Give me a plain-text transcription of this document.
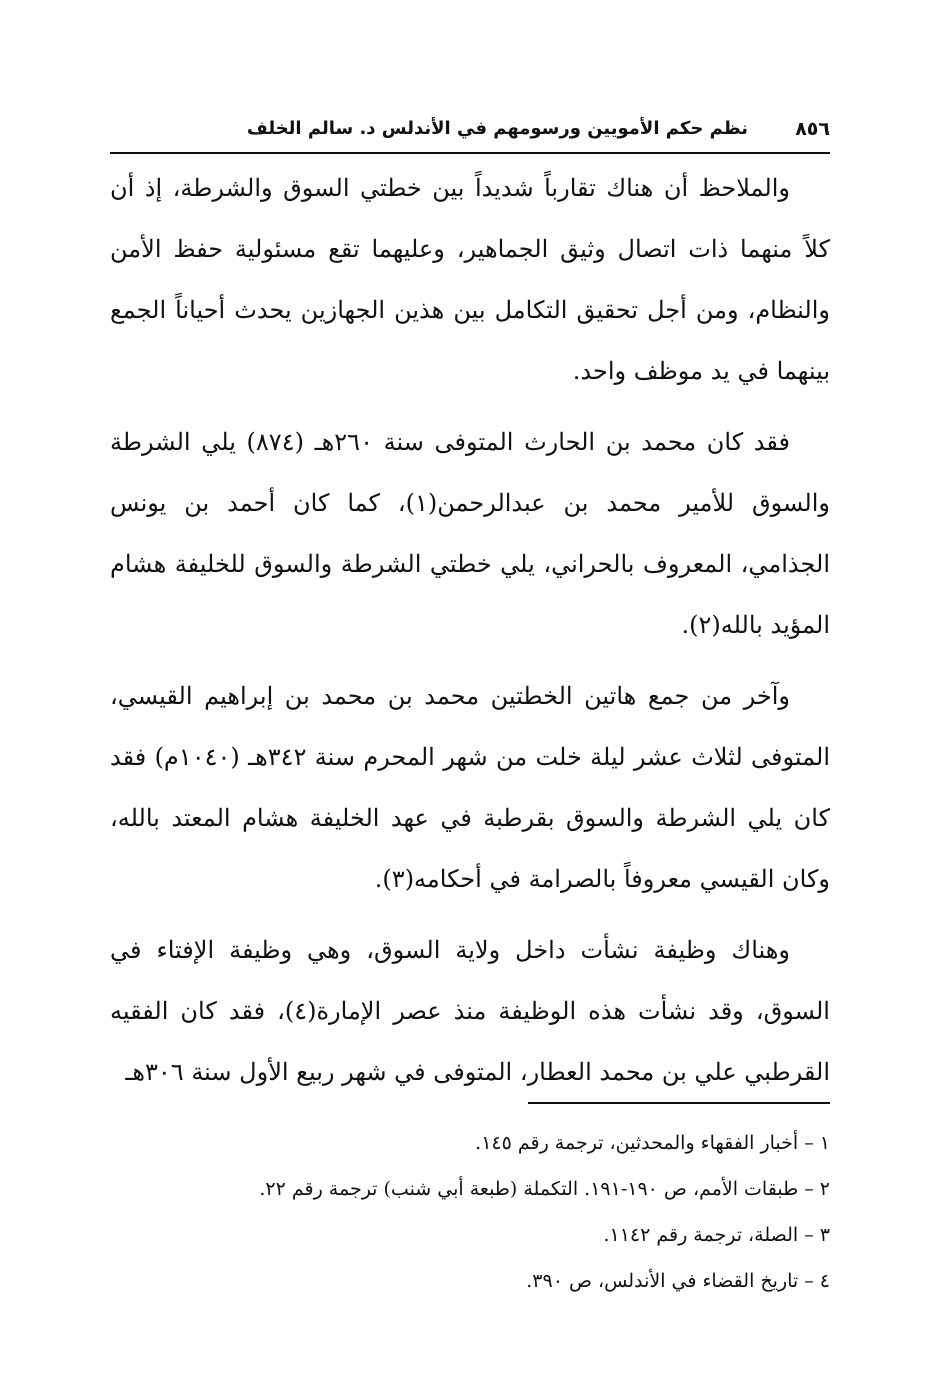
٨٥٦
نظم حكم الأمويين ورسومهم في الأندلس د. سالم الخلف

والملاحظ أن هناك تقارباً شديداً بين خطتي السوق والشرطة، إذ أن كلاً منهما ذات اتصال وثيق الجماهير، وعليهما تقع مسئولية حفظ الأمن والنظام، ومن أجل تحقيق التكامل بين هذين الجهازين يحدث أحياناً الجمع بينهما في يد موظف واحد.

فقد كان محمد بن الحارث المتوفى سنة ٢٦٠هـ (٨٧٤) يلي الشرطة والسوق للأمير محمد بن عبدالرحمن(١)، كما كان أحمد بن يونس الجذامي، المعروف بالحراني، يلي خطتي الشرطة والسوق للخليفة هشام المؤيد بالله(٢).

وآخر من جمع هاتين الخطتين محمد بن محمد بن إبراهيم القيسي، المتوفى لثلاث عشر ليلة خلت من شهر المحرم سنة ٣٤٢هـ (١٠٤٠م) فقد كان يلي الشرطة والسوق بقرطبة في عهد الخليفة هشام المعتد بالله، وكان القيسي معروفاً بالصرامة في أحكامه(٣).

وهناك وظيفة نشأت داخل ولاية السوق، وهي وظيفة الإفتاء في السوق، وقد نشأت هذه الوظيفة منذ عصر الإمارة(٤)، فقد كان الفقيه القرطبي علي بن محمد العطار، المتوفى في شهر ربيع الأول سنة ٣٠٦هـ

١ – أخبار الفقهاء والمحدثين، ترجمة رقم ١٤٥.

٢ – طبقات الأمم، ص ١٩٠-١٩١. التكملة (طبعة أبي شنب) ترجمة رقم ٢٢.

٣ – الصلة، ترجمة رقم ١١٤٢.

٤ – تاريخ القضاء في الأندلس، ص ٣٩٠.
